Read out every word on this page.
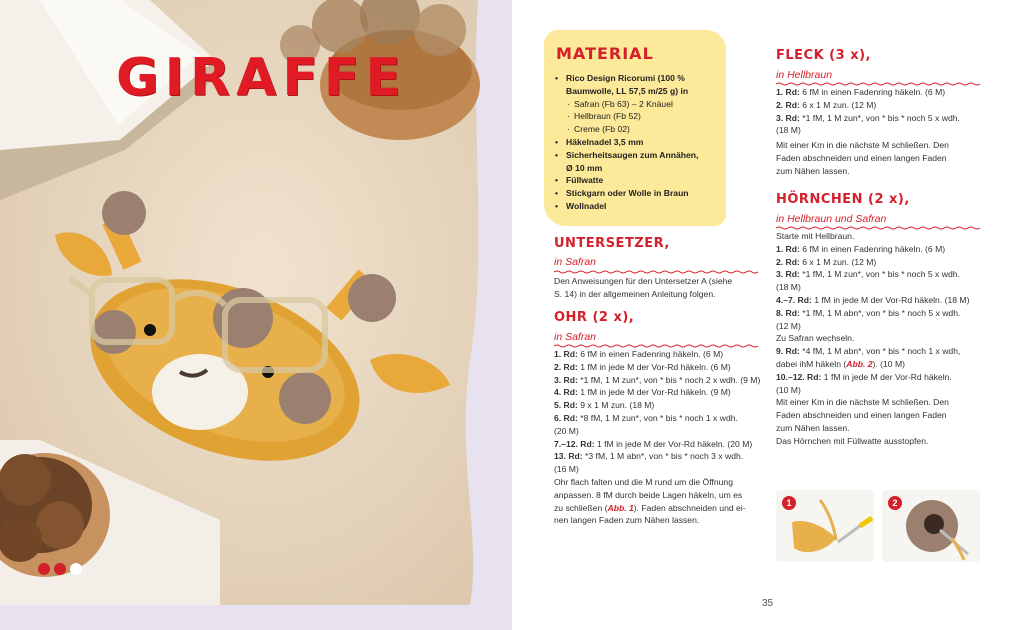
GIRAFFE	MATERIAL
• Rico Design Ricorumi (100 %
Baumwolle, LL 57,5 m/25 g) in
· Safran (Fb 63) – 2 Knäuel
· Hellbraun (Fb 52)
· Creme (Fb 02)
• Häkelnadel 3,5 mm
• Sicherheitsaugen zum Annähen,
Ø 10 mm
• Füllwatte
• Stickgarn oder Wolle in Braun
• Wollnadel
UNTERSETZER,
in Safran
Den Anweisungen für den Untersetzer A (siehe
S. 14) in der allgemeinen Anleitung folgen.
OHR (2 x),
in Safran
1. Rd: 6 fM in einen Fadenring häkeln. (6 M)
2. Rd: 1 fM in jede M der Vor-Rd häkeln. (6 M)
3. Rd: *1 fM, 1 M zun*, von * bis * noch 2 x wdh. (9 M)
4. Rd: 1 fM in jede M der Vor-Rd häkeln. (9 M)
5. Rd: 9 x 1 M zun. (18 M)
6. Rd: *8 fM, 1 M zun*, von * bis * noch 1 x wdh.
(20 M)
7.–12. Rd: 1 fM in jede M der Vor-Rd häkeln. (20 M)
13. Rd: *3 fM, 1 M abn*, von * bis * noch 3 x wdh.
(16 M)
Ohr flach falten und die M rund um die Öffnung
anpassen. 8 fM durch beide Lagen häkeln, um es
zu schließen (Abb. 1). Faden abschneiden und ei-
nen langen Faden zum Nähen lassen.
FLECK (3 x),
in Hellbraun
1. Rd: 6 fM in einen Fadenring häkeln. (6 M)
2. Rd: 6 x 1 M zun. (12 M)
3. Rd: *1 fM, 1 M zun*, von * bis * noch 5 x wdh.
(18 M)
Mit einer Km in die nächste M schließen. Den
Faden abschneiden und einen langen Faden
zum Nähen lassen.
HÖRNCHEN (2 x),
in Hellbraun und Safran
Starte mit Hellbraun.
1. Rd: 6 fM in einen Fadenring häkeln. (6 M)
2. Rd: 6 x 1 M zun. (12 M)
3. Rd: *1 fM, 1 M zun*, von * bis * noch 5 x wdh.
(18 M)
4.–7. Rd: 1 fM in jede M der Vor-Rd häkeln. (18 M)
8. Rd: *1 fM, 1 M abn*, von * bis * noch 5 x wdh.
(12 M)
Zu Safran wechseln.
9. Rd: *4 fM, 1 M abn*, von * bis * noch 1 x wdh,
dabei ihM häkeln (Abb. 2). (10 M)
10.–12. Rd: 1 fM in jede M der Vor-Rd häkeln.
(10 M)
Mit einer Km in die nächste M schließen. Den
Faden abschneiden und einen langen Faden
zum Nähen lassen.
Das Hörnchen mit Füllwatte ausstopfen.
1	2
35
